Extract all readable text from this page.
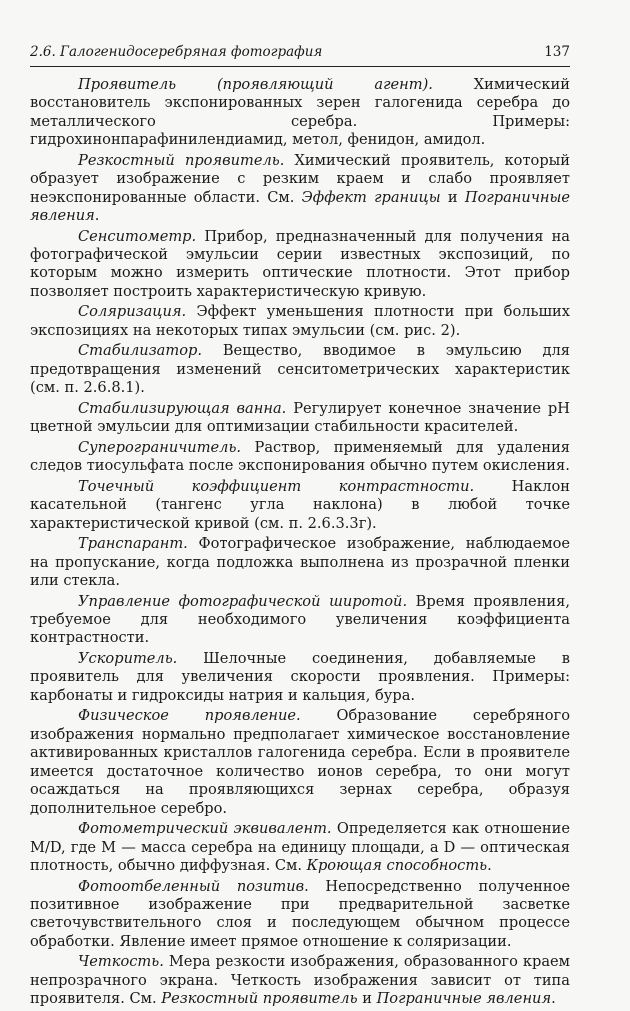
2.6. Галогенидосеребряная фотография	137

Проявитель (проявляющий агент).	Химический восстановитель экспонированных зерен галогенида серебра до металлического серебра. Примеры: гидрохинонпарафинилендиамид, метол, фенидон, амидол.

Резкостный проявитель. Химический проявитель, который образует изображение с резким краем и слабо проявляет неэкспонированные области. См. Эффект границы и Пограничные явления.

Сенситометр. Прибор, предназначенный для получения на фотографической эмульсии серии известных экспозиций, по которым можно измерить оптические плотности. Этот прибор позволяет построить характеристическую кривую.

Соляризация. Эффект уменьшения плотности при больших экспозициях на некоторых типах эмульсии (см. рис. 2).

Стабилизатор. Вещество, вводимое в эмульсию для предотвращения изменений сенситометрических характеристик (см. п. 2.6.8.1).

Стабилизирующая ванна. Регулирует конечное значение pH цветной эмульсии для оптимизации стабильности красителей.

Суперограничитель. Раствор, применяемый для удаления следов тиосульфата после экспонирования обычно путем окисления.

Точечный коэффициент контрастности.	Наклон касательной (тангенс угла наклона) в любой точке характеристической кривой (см. п. 2.6.3.3г).

Транспарант. Фотографическое изображение, наблюдаемое на пропускание, когда подложка выполнена из прозрачной пленки или стекла.

Управление фотографической широтой. Время проявления, требуемое для необходимого увеличения коэффициента контрастности.

Ускоритель. Шелочные соединения, добавляемые в проявитель для увеличения скорости проявления. Примеры: карбонаты и гидроксиды натрия и кальция, бура.

Физическое проявление. Образование серебряного изображения нормально предполагает химическое восстановление активированных кристаллов галогенида серебра. Если в проявителе имеется достаточное количество ионов серебра, то они могут осаждаться на проявляющихся зернах серебра, образуя дополнительное серебро.

Фотометрический эквивалент. Определяется как отношение M/D, где M — масса серебра на единицу площади, а D — оптическая плотность, обычно диффузная. См. Кроющая способность.

Фотоотбеленный позитив. Непосредственно полученное позитивное изображение при предварительной засветке светочувствительного слоя и последующем обычном процессе обработки. Явление имеет прямое отношение к соляризации.

Четкость. Мера резкости изображения, образованного краем непрозрачного экрана. Четкость изображения зависит от типа проявителя. См. Резкостный проявитель и Пограничные явления.
